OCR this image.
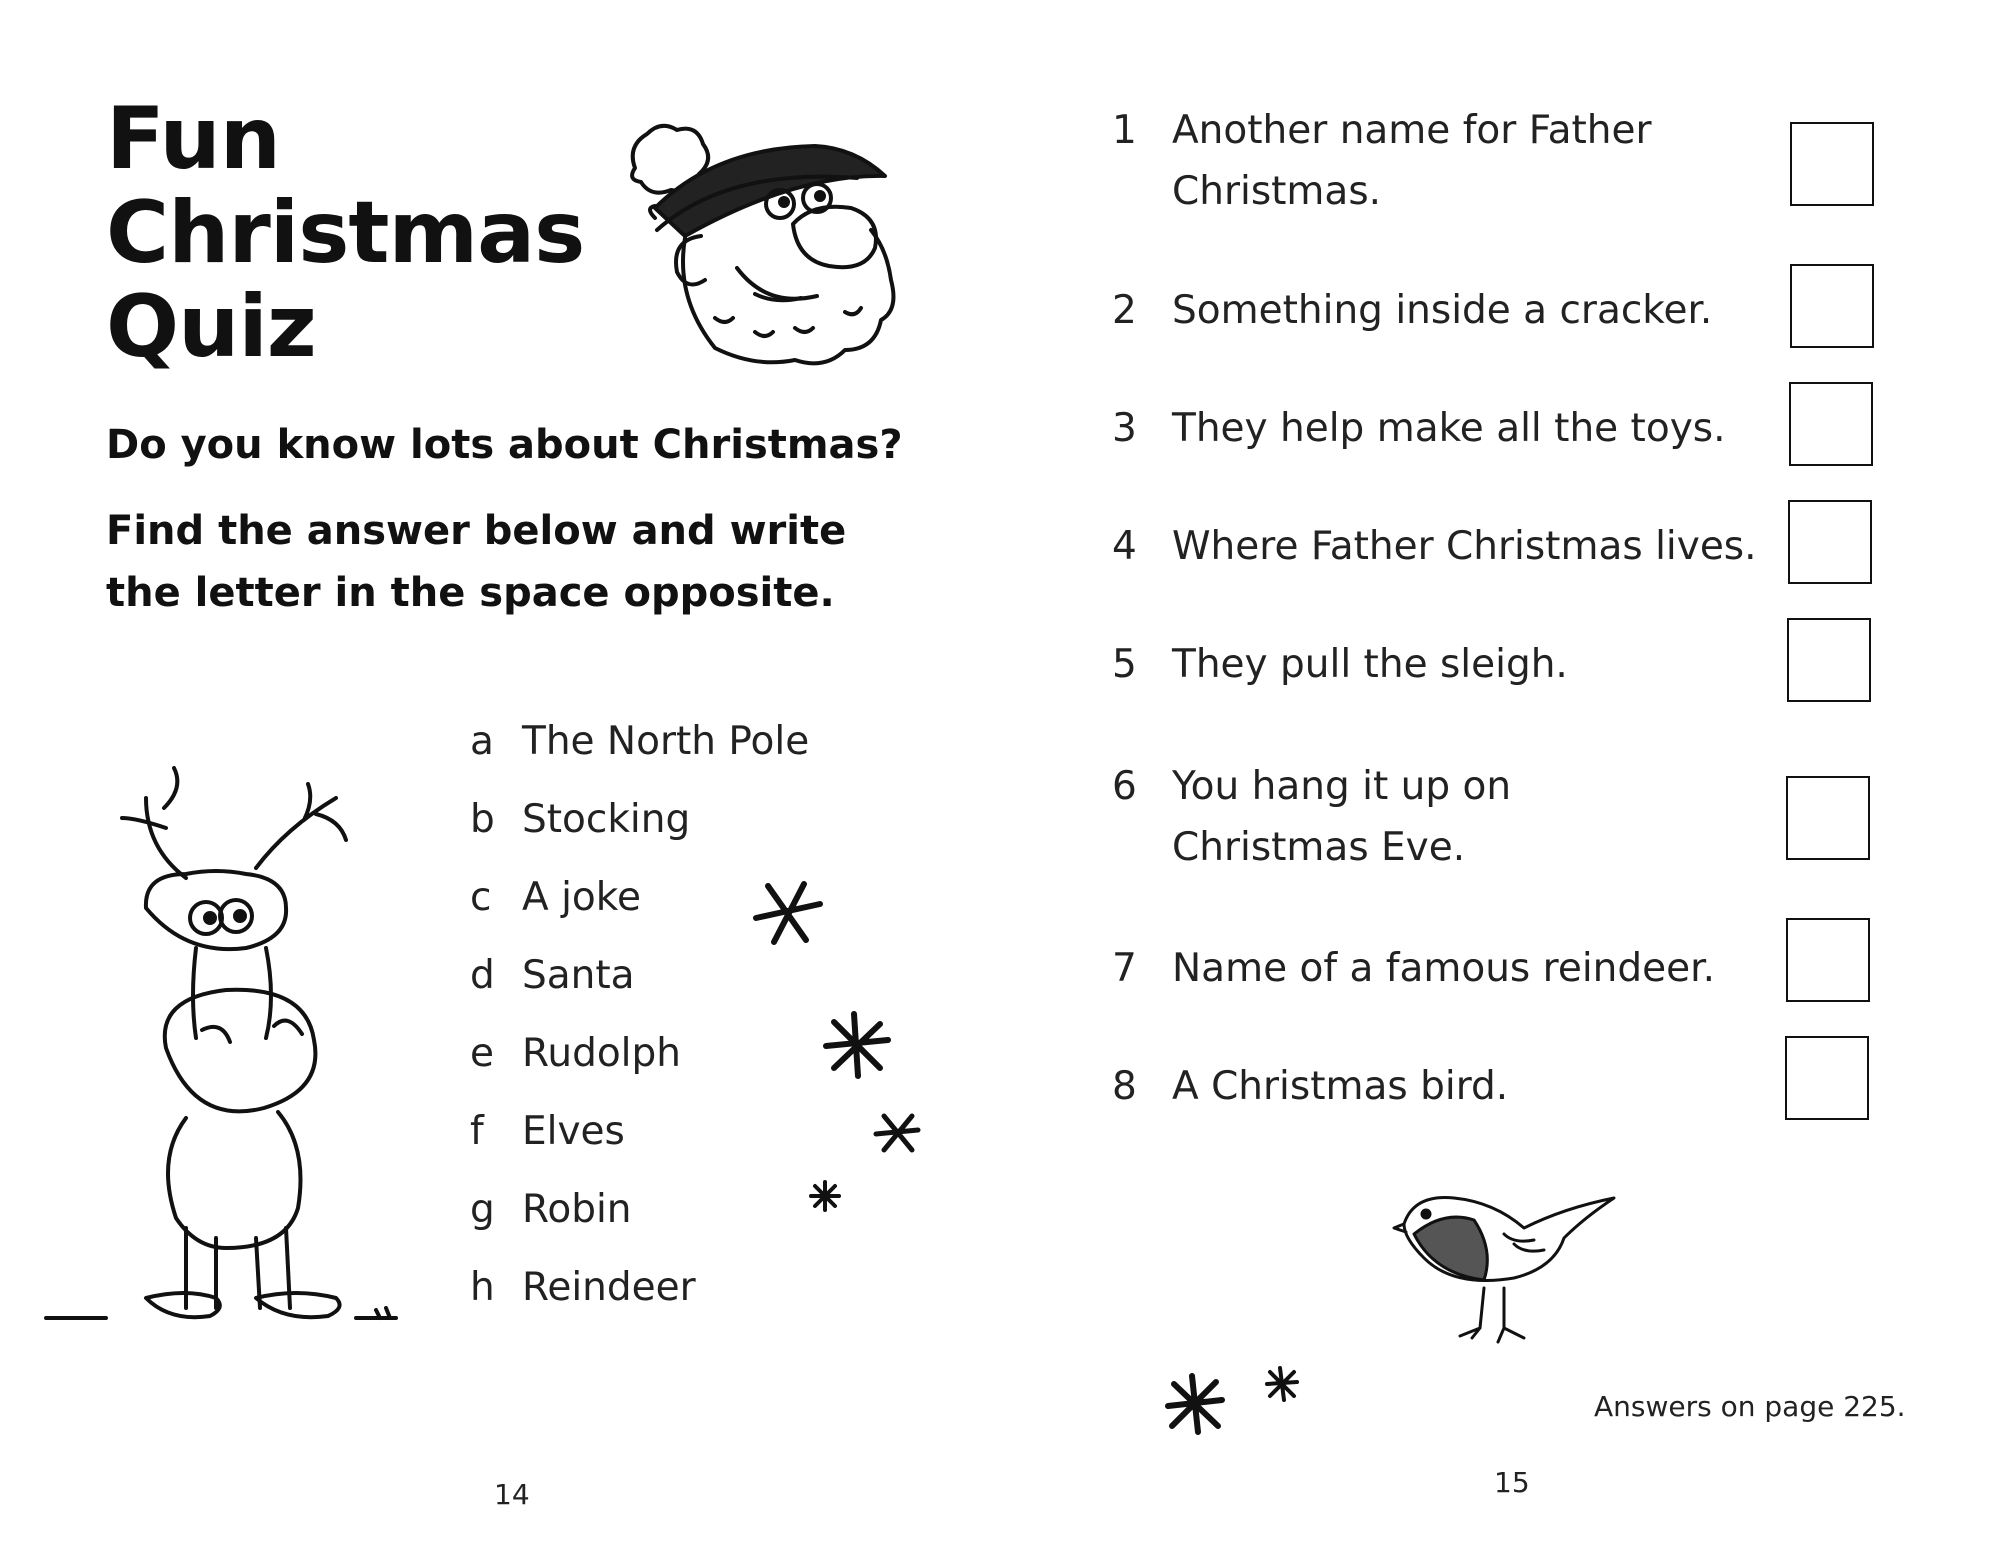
Fun
Christmas
Quiz

Do you know lots about Christmas?

Find the answer below and write
the letter in the space opposite.

a The North Pole
b Stocking
c A joke
d Santa
e Rudolph
f Elves
g Robin
h Reindeer
14
1 Another name for Father
Christmas.
2 Something inside a cracker.
3 They help make all the toys.
4 Where Father Christmas lives.
5 They pull the sleigh.
6 You hang it up on
Christmas Eve.
7 Name of a famous reindeer.
8 A Christmas bird.
Answers on page 225.
15
